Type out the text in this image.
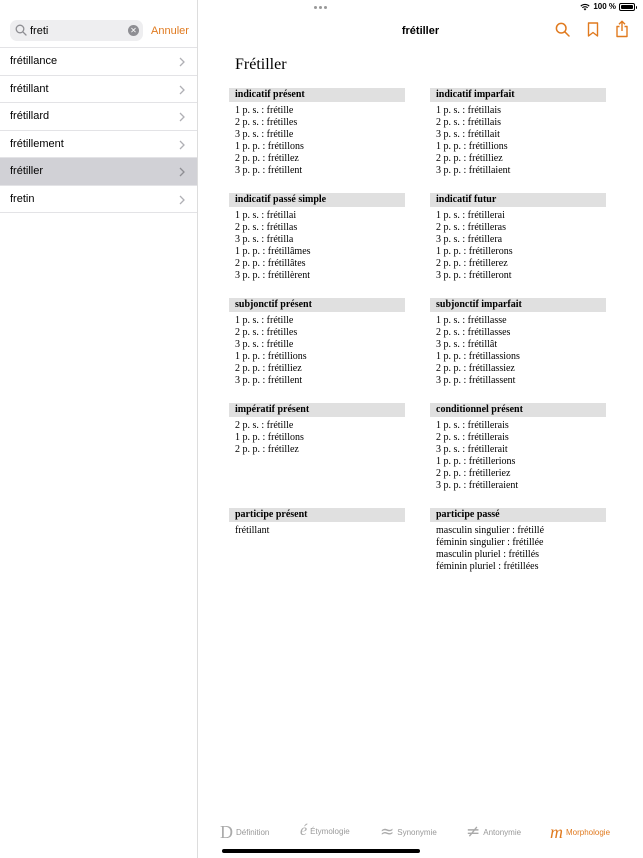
100 %
freti
✕ Annuler
frétillance
frétillant
frétillard
frétillement
frétiller
fretin
frétiller
Frétiller
indicatif présent
1 p. s. : frétille
2 p. s. : frétilles
3 p. s. : frétille
1 p. p. : frétillons
2 p. p. : frétillez
3 p. p. : frétillent
indicatif imparfait
1 p. s. : frétillais
2 p. s. : frétillais
3 p. s. : frétillait
1 p. p. : frétillions
2 p. p. : frétilliez
3 p. p. : frétillaient
indicatif passé simple
1 p. s. : frétillai
2 p. s. : frétillas
3 p. s. : frétilla
1 p. p. : frétillâmes
2 p. p. : frétillâtes
3 p. p. : frétillèrent
indicatif futur
1 p. s. : frétillerai
2 p. s. : frétilleras
3 p. s. : frétillera
1 p. p. : frétillerons
2 p. p. : frétillerez
3 p. p. : frétilleront
subjonctif présent
1 p. s. : frétille
2 p. s. : frétilles
3 p. s. : frétille
1 p. p. : frétillions
2 p. p. : frétilliez
3 p. p. : frétillent
subjonctif imparfait
1 p. s. : frétillasse
2 p. s. : frétillasses
3 p. s. : frétillât
1 p. p. : frétillassions
2 p. p. : frétillassiez
3 p. p. : frétillassent
impératif présent
2 p. s. : frétille
1 p. p. : frétillons
2 p. p. : frétillez
conditionnel présent
1 p. s. : frétillerais
2 p. s. : frétillerais
3 p. s. : frétillerait
1 p. p. : frétillerions
2 p. p. : frétilleriez
3 p. p. : frétilleraient
participe présent
frétillant
participe passé
masculin singulier : frétillé
féminin singulier : frétillée
masculin pluriel : frétillés
féminin pluriel : frétillées
D Définition é Étymologie ≈ Synonymie ≠ Antonymie m Morphologie
